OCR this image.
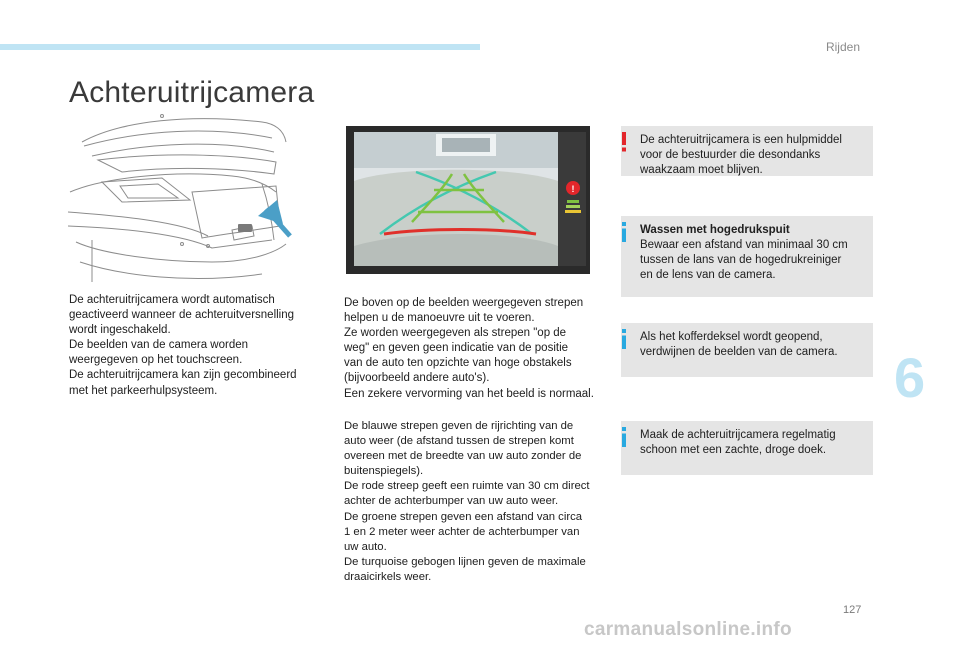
Rijden
Achteruitrijcamera
!
De achteruitrijcamera wordt automatisch
geactiveerd wanneer de achteruitversnelling
wordt ingeschakeld.
De beelden van de camera worden
weergegeven op het touchscreen.
De achteruitrijcamera kan zijn gecombineerd
met het parkeerhulpsysteem.
De boven op de beelden weergegeven strepen
helpen u de manoeuvre uit te voeren.
Ze worden weergegeven als strepen "op de
weg" en geven geen indicatie van de positie
van de auto ten opzichte van hoge obstakels
(bijvoorbeeld andere auto's).
Een zekere vervorming van het beeld is normaal.
De blauwe strepen geven de rijrichting van de
auto weer (de afstand tussen de strepen komt
overeen met de breedte van uw auto zonder de
buitenspiegels).
De rode streep geeft een ruimte van 30 cm direct
achter de achterbumper van uw auto weer.
De groene strepen geven een afstand van circa
1 en 2 meter weer achter de achterbumper van
uw auto.
De turquoise gebogen lijnen geven de maximale
draaicirkels weer.
De achteruitrijcamera is een hulpmiddel
voor de bestuurder die desondanks
waakzaam moet blijven.
Wassen met hogedrukspuit
Bewaar een afstand van minimaal 30 cm
tussen de lans van de hogedrukreiniger
en de lens van de camera.
Als het kofferdeksel wordt geopend,
verdwijnen de beelden van de camera.
Maak de achteruitrijcamera regelmatig
schoon met een zachte, droge doek.
6
127
carmanualsonline.info
